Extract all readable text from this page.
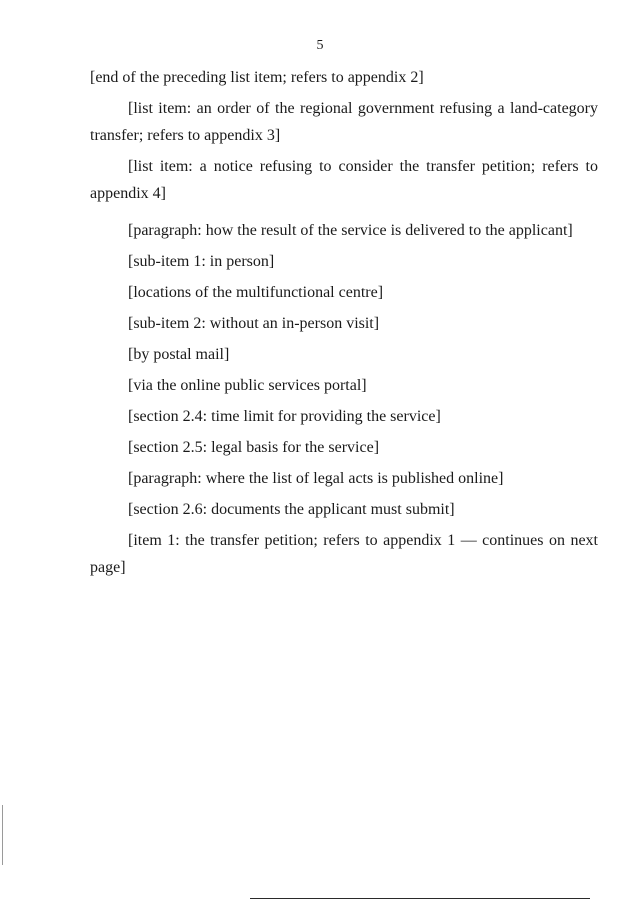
5

[end of the preceding list item; refers to appendix 2]

[list item: an order of the regional government refusing a land-category transfer; refers to appendix 3]

[list item: a notice refusing to consider the transfer petition; refers to appendix 4]

[paragraph: how the result of the service is delivered to the applicant]

[sub-item 1: in person]

[locations of the multifunctional centre]

[sub-item 2: without an in-person visit]

[by postal mail]

[via the online public services portal]

[section 2.4: time limit for providing the service]

[section 2.5: legal basis for the service]

[paragraph: where the list of legal acts is published online]

[section 2.6: documents the applicant must submit]

[item 1: the transfer petition; refers to appendix 1 — continues on next page]
